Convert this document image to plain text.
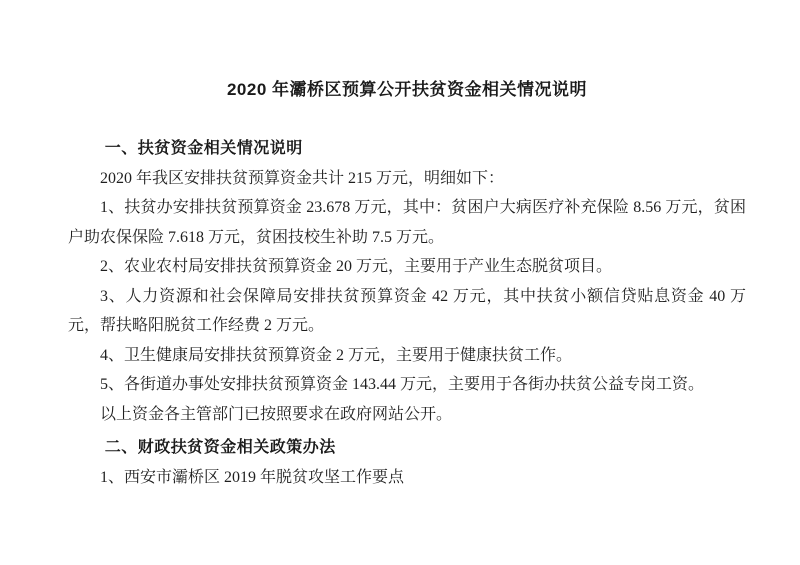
2020 年灞桥区预算公开扶贫资金相关情况说明
一、扶贫资金相关情况说明

2020 年我区安排扶贫预算资金共计 215 万元，明细如下：

1、扶贫办安排扶贫预算资金 23.678 万元，其中：贫困户大病医疗补充保险 8.56 万元，贫困户助农保保险 7.618 万元，贫困技校生补助 7.5 万元。

2、农业农村局安排扶贫预算资金 20 万元，主要用于产业生态脱贫项目。

3、人力资源和社会保障局安排扶贫预算资金 42 万元，其中扶贫小额信贷贴息资金 40 万元，帮扶略阳脱贫工作经费 2 万元。

4、卫生健康局安排扶贫预算资金 2 万元，主要用于健康扶贫工作。

5、各街道办事处安排扶贫预算资金 143.44 万元，主要用于各街办扶贫公益专岗工资。

以上资金各主管部门已按照要求在政府网站公开。

二、财政扶贫资金相关政策办法

1、西安市灞桥区 2019 年脱贫攻坚工作要点
